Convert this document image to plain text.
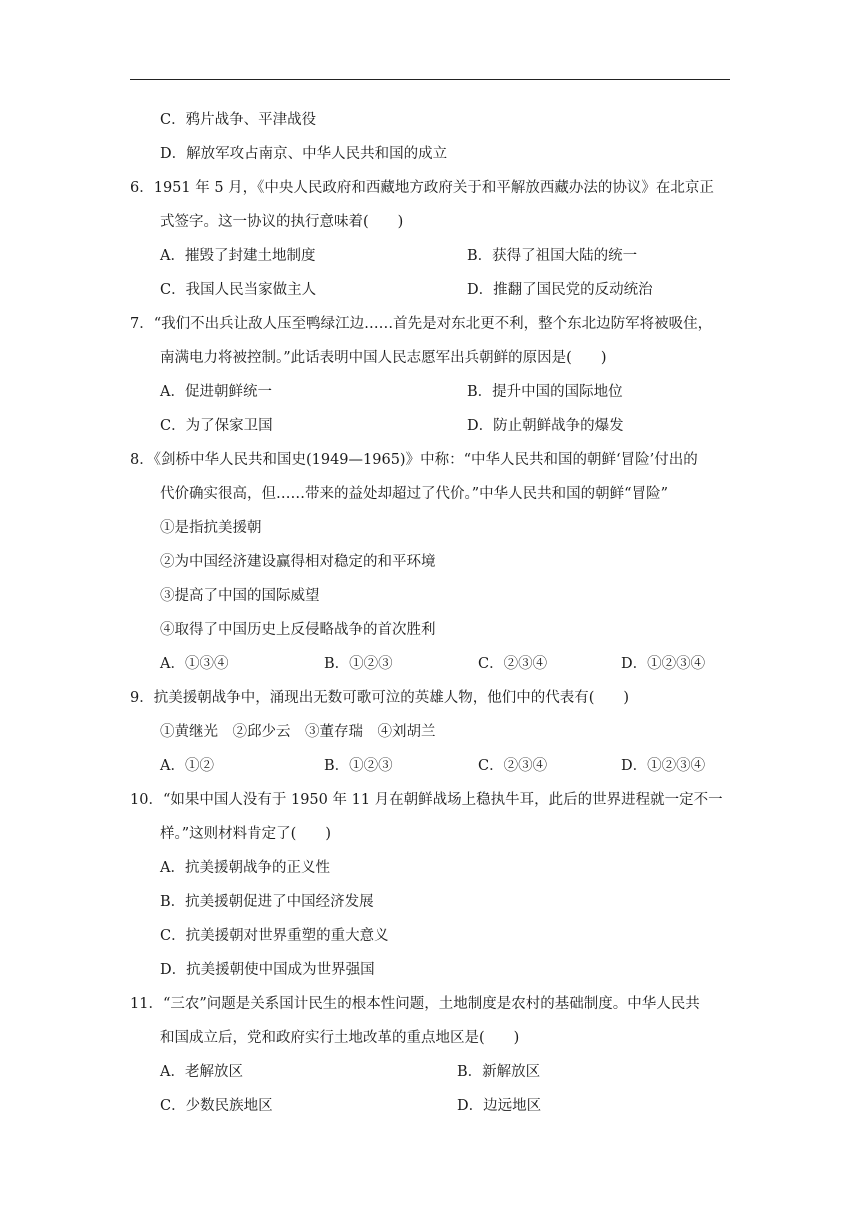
C．鸦片战争、平津战役
D．解放军攻占南京、中华人民共和国的成立
6．1951 年 5 月，《中央人民政府和西藏地方政府关于和平解放西藏办法的协议》在北京正
式签字。这一协议的执行意味着(　　)
A．摧毁了封建土地制度	B．获得了祖国大陆的统一
C．我国人民当家做主人	D．推翻了国民党的反动统治
7．“我们不出兵让敌人压至鸭绿江边……首先是对东北更不利，整个东北边防军将被吸住，
南满电力将被控制。”此话表明中国人民志愿军出兵朝鲜的原因是(　　)
A．促进朝鲜统一	B．提升中国的国际地位
C．为了保家卫国	D．防止朝鲜战争的爆发
8．《剑桥中华人民共和国史(1949—1965)》中称：“中华人民共和国的朝鲜‘冒险’付出的
代价确实很高，但……带来的益处却超过了代价。”中华人民共和国的朝鲜“冒险”
①是指抗美援朝
②为中国经济建设赢得相对稳定的和平环境
③提高了中国的国际威望
④取得了中国历史上反侵略战争的首次胜利
A．①③④	B．①②③	C．②③④	D．①②③④
9．抗美援朝战争中，涌现出无数可歌可泣的英雄人物，他们中的代表有(　　)
①黄继光　②邱少云　③董存瑞　④刘胡兰
A．①②	B．①②③	C．②③④	D．①②③④
10．“如果中国人没有于 1950 年 11 月在朝鲜战场上稳执牛耳，此后的世界进程就一定不一
样。”这则材料肯定了(　　)
A．抗美援朝战争的正义性
B．抗美援朝促进了中国经济发展
C．抗美援朝对世界重塑的重大意义
D．抗美援朝使中国成为世界强国
11．“三农”问题是关系国计民生的根本性问题，土地制度是农村的基础制度。中华人民共
和国成立后，党和政府实行土地改革的重点地区是(　　)
A．老解放区	B．新解放区
C．少数民族地区	D．边远地区
